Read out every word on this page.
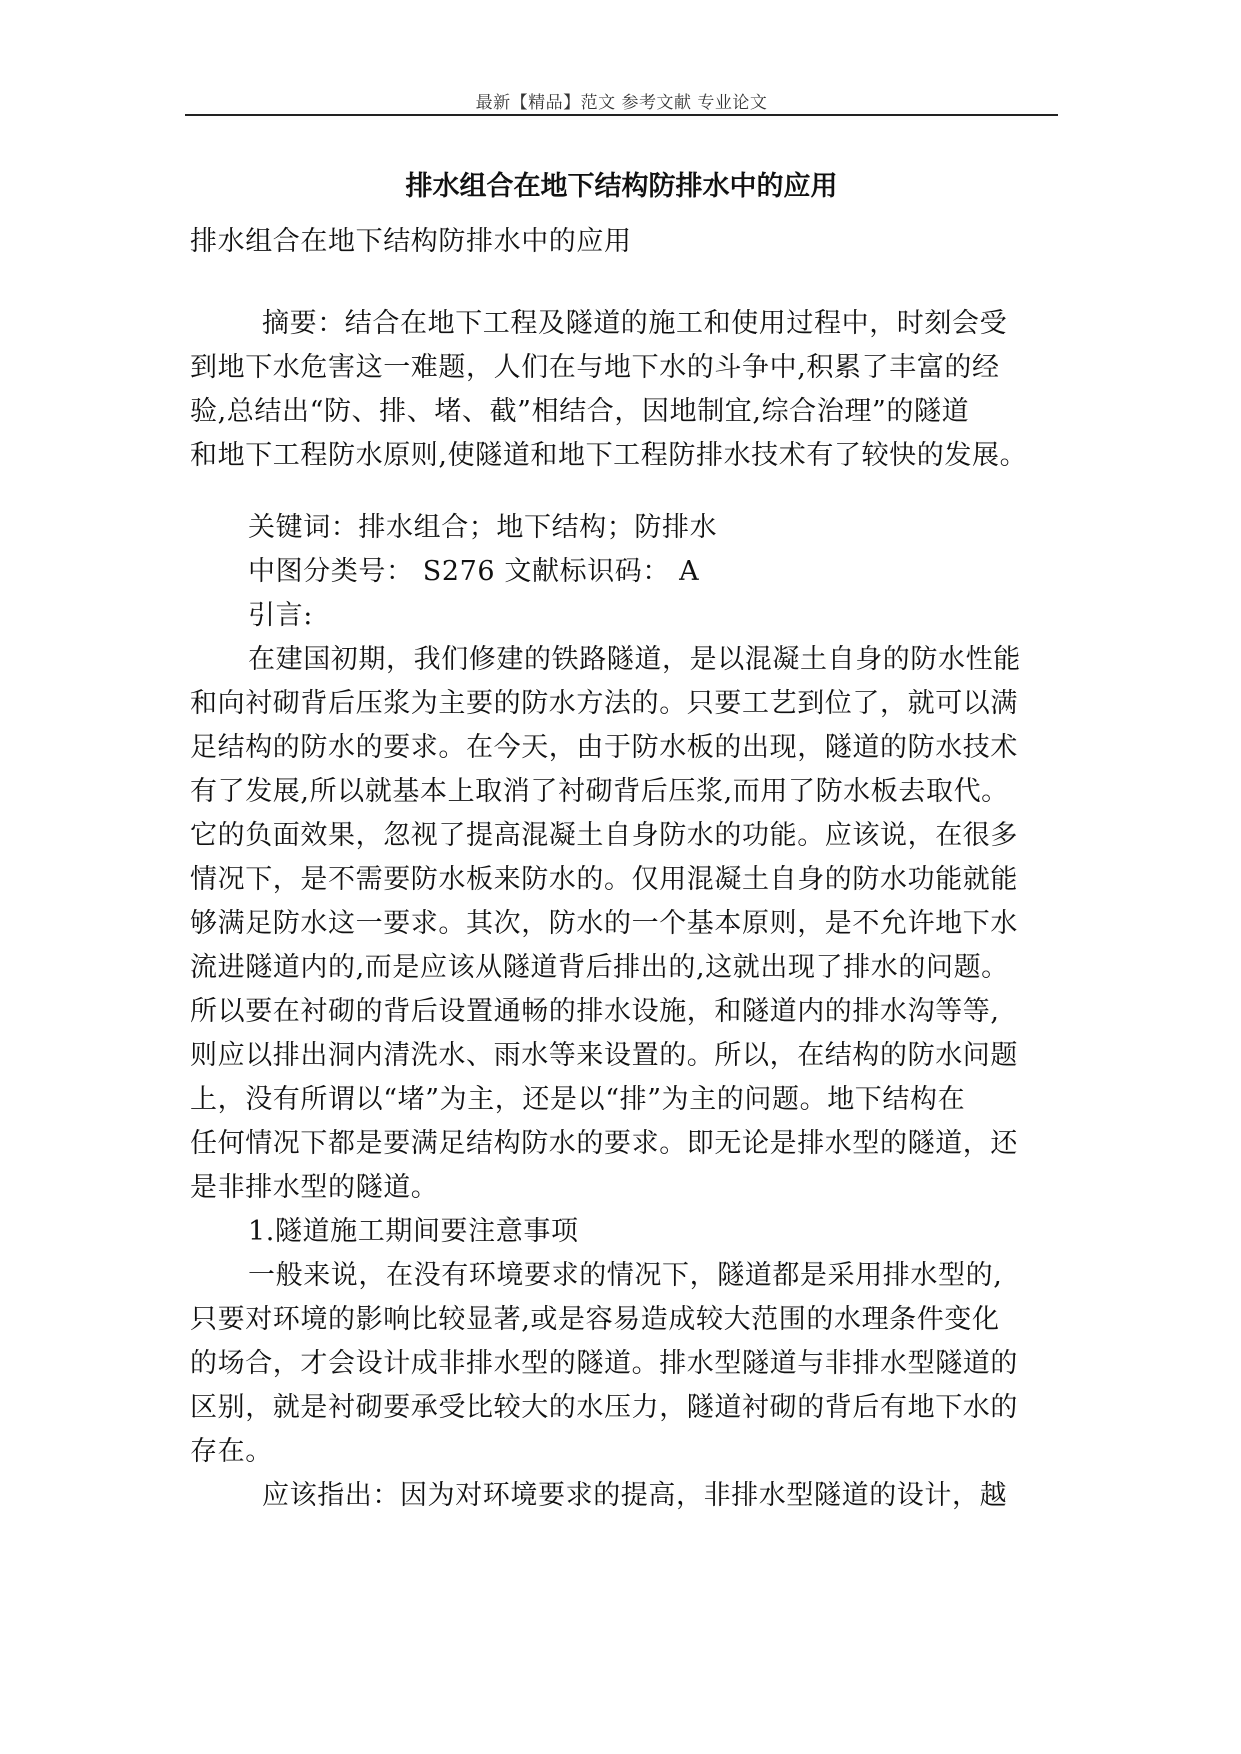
最新【精品】范文 参考文献 专业论文
排水组合在地下结构防排水中的应用
排水组合在地下结构防排水中的应用
摘要：结合在地下工程及隧道的施工和使用过程中，时刻会受
到地下水危害这一难题，人们在与地下水的斗争中,积累了丰富的经
验,总结出“防、排、堵、截”相结合，因地制宜,综合治理”的隧道
和地下工程防水原则,使隧道和地下工程防排水技术有了较快的发展。
关键词：排水组合；地下结构；防排水
中图分类号： S276 文献标识码： A
引言:
在建国初期，我们修建的铁路隧道，是以混凝土自身的防水性能
和向衬砌背后压浆为主要的防水方法的。只要工艺到位了，就可以满
足结构的防水的要求。在今天，由于防水板的出现，隧道的防水技术
有了发展,所以就基本上取消了衬砌背后压浆,而用了防水板去取代。
它的负面效果，忽视了提高混凝土自身防水的功能。应该说，在很多
情况下，是不需要防水板来防水的。仅用混凝土自身的防水功能就能
够满足防水这一要求。其次，防水的一个基本原则，是不允许地下水
流进隧道内的,而是应该从隧道背后排出的,这就出现了排水的问题。
所以要在衬砌的背后设置通畅的排水设施，和隧道内的排水沟等等,
则应以排出洞内清洗水、雨水等来设置的。所以，在结构的防水问题
上，没有所谓以“堵”为主，还是以“排”为主的问题。地下结构在
任何情况下都是要满足结构防水的要求。即无论是排水型的隧道，还
是非排水型的隧道。
1.隧道施工期间要注意事项
一般来说，在没有环境要求的情况下，隧道都是采用排水型的,
只要对环境的影响比较显著,或是容易造成较大范围的水理条件变化
的场合，才会设计成非排水型的隧道。排水型隧道与非排水型隧道的
区别，就是衬砌要承受比较大的水压力，隧道衬砌的背后有地下水的
存在。
应该指出：因为对环境要求的提高，非排水型隧道的设计，越
